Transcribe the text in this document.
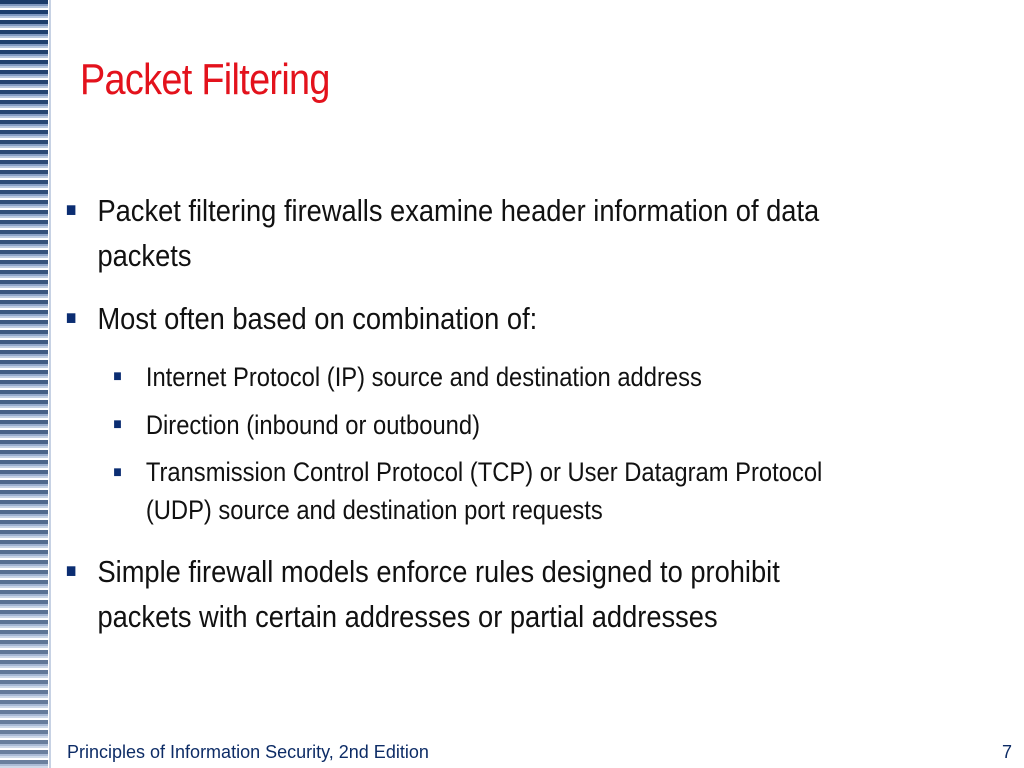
Packet Filtering
■ Packet filtering firewalls examine header information of data packets
■ Most often based on combination of:
■ Internet Protocol (IP) source and destination address
■ Direction (inbound or outbound)
■ Transmission Control Protocol (TCP) or User Datagram Protocol (UDP) source and destination port requests
■ Simple firewall models enforce rules designed to prohibit packets with certain addresses or partial addresses
Principles of Information Security, 2nd Edition	7
